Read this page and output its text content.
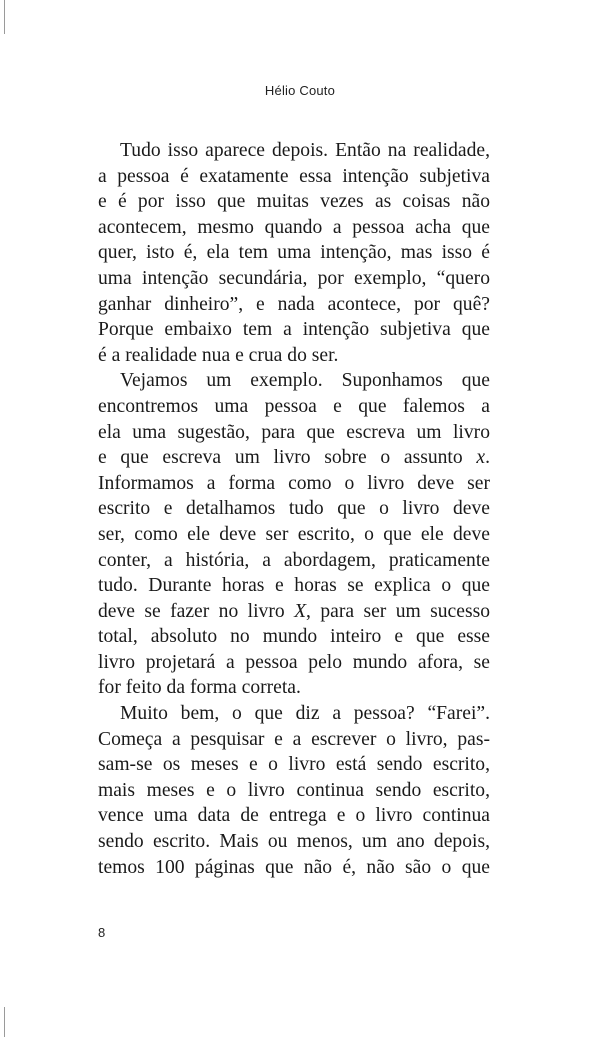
Hélio Couto

Tudo isso aparece depois. Então na realidade,
a pessoa é exatamente essa intenção subjetiva
e é por isso que muitas vezes as coisas não
acontecem, mesmo quando a pessoa acha que
quer, isto é, ela tem uma intenção, mas isso é
uma intenção secundária, por exemplo, “quero
ganhar dinheiro”, e nada acontece, por quê?
Porque embaixo tem a intenção subjetiva que
é a realidade nua e crua do ser.

Vejamos um exemplo. Suponhamos que
encontremos uma pessoa e que falemos a
ela uma sugestão, para que escreva um livro
e que escreva um livro sobre o assunto x.
Informamos a forma como o livro deve ser
escrito e detalhamos tudo que o livro deve
ser, como ele deve ser escrito, o que ele deve
conter, a história, a abordagem, praticamente
tudo. Durante horas e horas se explica o que
deve se fazer no livro X, para ser um sucesso
total, absoluto no mundo inteiro e que esse
livro projetará a pessoa pelo mundo afora, se
for feito da forma correta.

Muito bem, o que diz a pessoa? “Farei”.
Começa a pesquisar e a escrever o livro, pas-
sam-se os meses e o livro está sendo escrito,
mais meses e o livro continua sendo escrito,
vence uma data de entrega e o livro continua
sendo escrito. Mais ou menos, um ano depois,
temos 100 páginas que não é, não são o que

8
